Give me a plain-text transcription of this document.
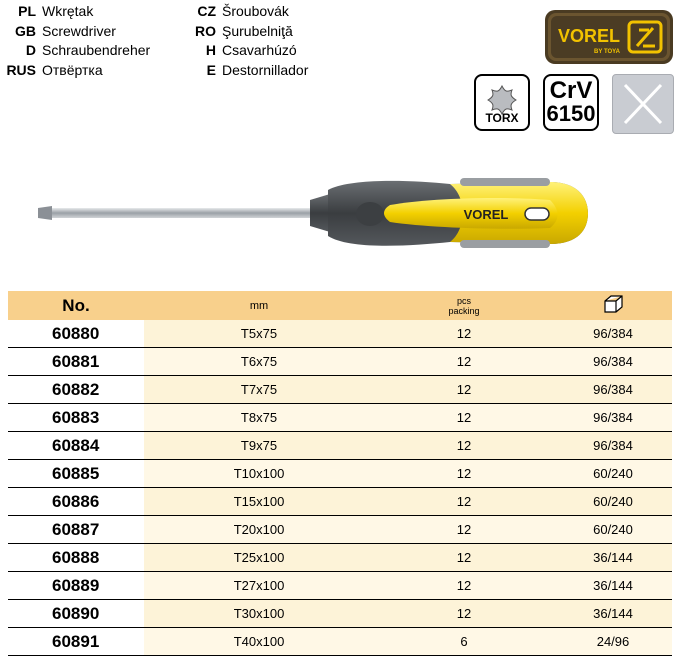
PL Wkrętak
GB Screwdriver
D Schraubendreher
RUS Отвёртка
CZ Šroubovák
RO Şurubelniţă
H Csavarhúzó
E Destornillador
VOREL
BY TOYA
TORX
CrV
6150
VOREL
No.	mm	pcs
packing	
60880	T5x75	12	96/384
60881	T6x75	12	96/384
60882	T7x75	12	96/384
60883	T8x75	12	96/384
60884	T9x75	12	96/384
60885	T10x100	12	60/240
60886	T15x100	12	60/240
60887	T20x100	12	60/240
60888	T25x100	12	36/144
60889	T27x100	12	36/144
60890	T30x100	12	36/144
60891	T40x100	6	24/96
